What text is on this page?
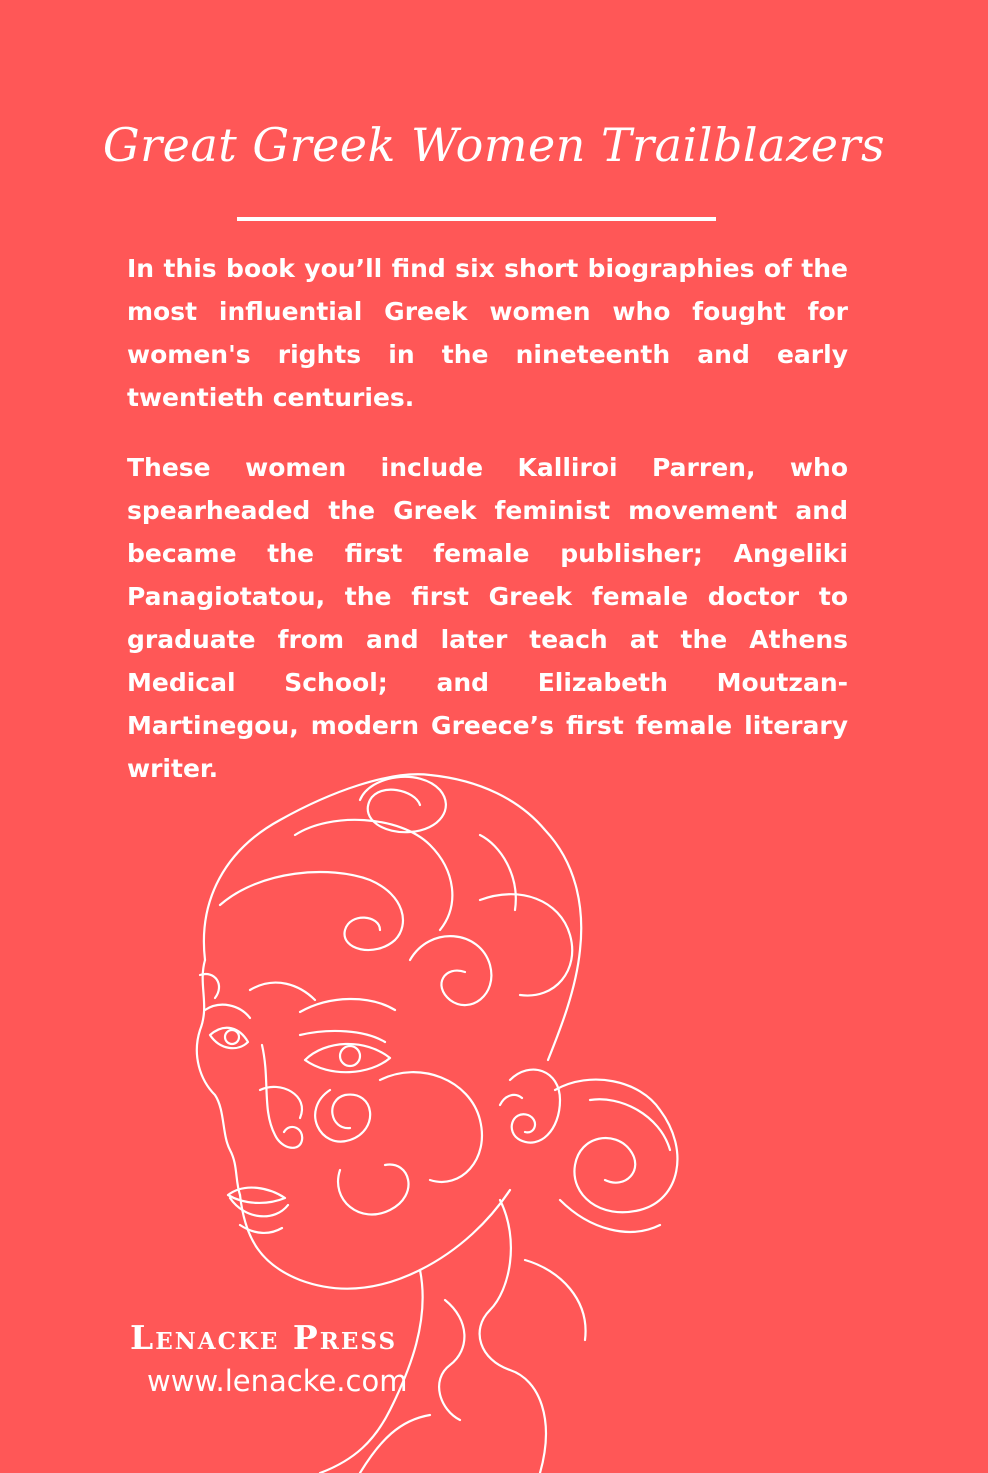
Great Greek Women Trailblazers

In this book you’ll find six short biographies of the most influential Greek women who fought for women's rights in the nineteenth and early twentieth centuries.

These women include Kalliroi Parren, who spearheaded the Greek feminist movement and became the first female publisher; Angeliki Panagiotatou, the first Greek female doctor to graduate from and later teach at the Athens Medical School; and Elizabeth Moutzan-Martinegou, modern Greece’s first female literary writer.

Lenacke Press

www.lenacke.com
